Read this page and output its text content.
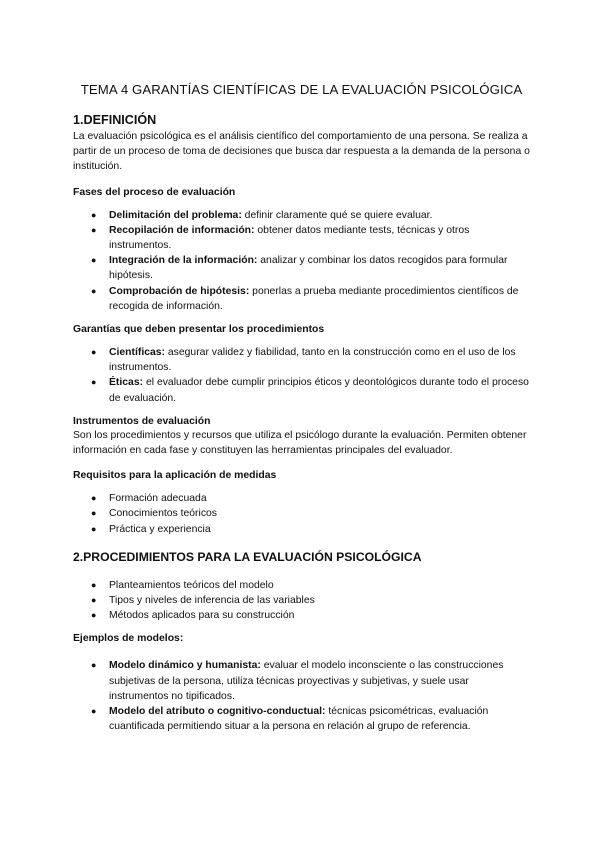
TEMA 4 GARANTÍAS CIENTÍFICAS DE LA EVALUACIÓN PSICOLÓGICA
1.DEFINICIÓN

La evaluación psicológica es el análisis científico del comportamiento de una persona. Se realiza a partir de un proceso de toma de decisiones que busca dar respuesta a la demanda de la persona o institución.

Fases del proceso de evaluación
● Delimitación del problema: definir claramente qué se quiere evaluar.
● Recopilación de información: obtener datos mediante tests, técnicas y otros instrumentos.
● Integración de la información: analizar y combinar los datos recogidos para formular hipótesis.
● Comprobación de hipótesis: ponerlas a prueba mediante procedimientos científicos de recogida de información.
Garantías que deben presentar los procedimientos
● Científicas: asegurar validez y fiabilidad, tanto en la construcción como en el uso de los instrumentos.
● Éticas: el evaluador debe cumplir principios éticos y deontológicos durante todo el proceso de evaluación.
Instrumentos de evaluación

Son los procedimientos y recursos que utiliza el psicólogo durante la evaluación. Permiten obtener información en cada fase y constituyen las herramientas principales del evaluador.

Requisitos para la aplicación de medidas
● Formación adecuada
● Conocimientos teóricos
● Práctica y experiencia
2.PROCEDIMIENTOS PARA LA EVALUACIÓN PSICOLÓGICA
● Planteamientos teóricos del modelo
● Tipos y niveles de inferencia de las variables
● Métodos aplicados para su construcción
Ejemplos de modelos:
● Modelo dinámico y humanista: evaluar el modelo inconsciente o las construcciones subjetivas de la persona, utiliza técnicas proyectivas y subjetivas, y suele usar instrumentos no tipificados.
● Modelo del atributo o cognitivo-conductual: técnicas psicométricas, evaluación cuantificada permitiendo situar a la persona en relación al grupo de referencia.
